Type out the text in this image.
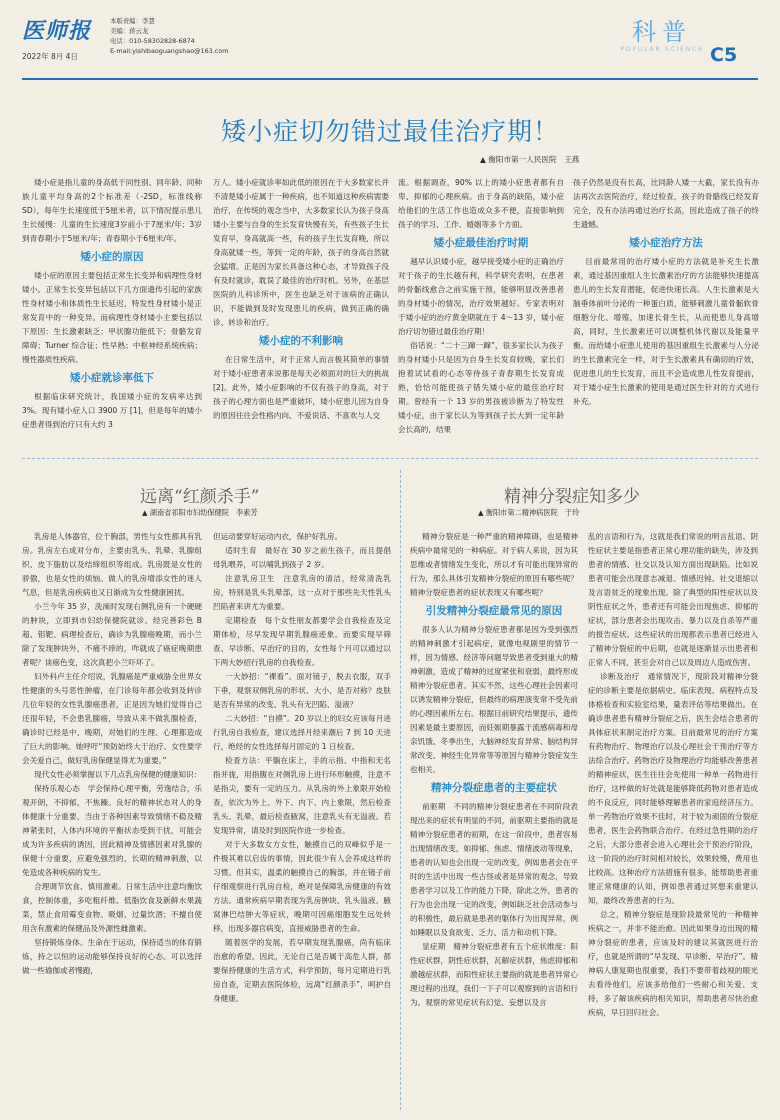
医师报
2022年 8月 4日
本版责编：李慧
美编：蒋云龙
电话：010-58302828-6874
E-mail:yishibaoguangshao@163.com
科普
POPULAR SCIENCE C5
矮小症切勿错过最佳治疗期！
▲ 衡阳市第一人民医院　王燕

矮小症是指儿童的身高低于同性别、同年龄、同种族儿童平均身高的2个标准差（-2SD，标准线称SD），每年生长速度低于5厘米者，以下情况提示患儿生长缓慢：儿童的生长速度3岁前小于7厘米/年；3岁到青春期小于5厘米/年；青春期小于6厘米/年。

矮小症的原因

矮小症的原因主要包括正常生长变异和病理性身材矮小。正常生长变异包括以下几方面遗传引起的家族性身材矮小和体质性生长延迟，特发性身材矮小是正常发育中的一种变异。而病理性身材矮小主要包括以下原因：生长激素缺乏；甲状腺功能低下；骨骼发育障碍；Turner 综合征；性早熟；中枢神经系统疾病；慢性器质性疾病。

矮小症就诊率低下

根据临床研究统计，我国矮小症的发病率达到 3%。现有矮小症人口 3900 万 [1]，但是每年的矮小症患者得到治疗只有大约 3

万人。矮小症就诊率如此低的原因在于大多数家长并不清楚矮小症属于一种疾病，也不知道这种疾病需要治疗，在传统的观念当中，大多数家长认为孩子身高矮小主要与自身的生长发育快慢有关，有些孩子生长发育早，身高就高一些，有的孩子生长发育晚，所以身高就矮一些，等到一定的年龄，孩子的身高自然就会猛增。正是因为家长具备这种心态，才导致孩子没有及时就诊，耽误了最佳的治疗时机。另外，在基层医院的儿科诊所中，医生也缺乏对于该病的正确认识，不能做到及时发现患儿的疾病，做到正确的确诊、转诊和治疗。

矮小症的不利影响

在日常生活中，对于正常人而言极其简单的事情对于矮小症患者来说都是每天必须面对的巨大的挑战 [2]。此外，矮小症影响的不仅有孩子的身高，对于孩子的心理方面也是严重破坏，矮小症患儿因为自身的原因往往会性格内向、不爱说话、不喜欢与人交

流。根据调查，90% 以上的矮小症患者都有自卑、抑郁的心理疾病。由于身高的缺陷，矮小症给他们的生活工作也造成众多不便，直接影响到孩子的学习、工作、婚姻等多个方面。

矮小症最佳治疗时期

越早认识矮小症，越早接受矮小症的正确治疗对于孩子的生长越有利，科学研究表明，在患者的骨骺线愈合之前实施干预，能够明显改善患者的身材矮小的情况，治疗效果越好。专家表明对于矮小症的治疗黄金期就在于 4～13 岁，矮小症治疗切勿错过最佳治疗期！

俗话说：“二十三蹿一蹿”，很多家长认为孩子的身材矮小只是因为自身生长发育较晚，家长们抱着试试看的心态等待孩子青春期生长发育成熟，恰恰可能使孩子错失矮小症的最佳治疗时期。曾经有一个 13 岁的男孩被诊断为了特发性矮小症，由于家长认为等到孩子长大到一定年龄会长高的，结果

孩子仍然是没有长高，比同龄人矮一大截，家长没有办法再次去医院治疗，经过检查，孩子的骨骼线已经发育完全，没有办法再通过治疗长高，因此造成了孩子的终生遗憾。

矮小症治疗方法

目前最常用的治疗矮小症的方法就是补充生长激素，通过基因重组人生长激素治疗的方法能够快速提高患儿的生长发育潜能，促进快速长高。人生长激素是大脑垂体前叶分泌的一种蛋白质，能够刺激儿童骨骺软骨细胞分化、增殖，加速长骨生长，从而使患儿身高增高，同时，生长激素还可以调整机体代谢以及能量平衡。而给矮小症患儿使用的基因重组生长激素与人分泌的生长激素完全一样，对于生长激素具有确切的疗效，促进患儿的生长发育，而且不会造成患儿性发育提前，对于矮小症生长激素的使用是通过医生针对的方式进行补充。

远离“红颜杀手”
▲ 湖南省祁阳市妇幼保健院　李素芳

乳房是人体器官，位于胸部，男性与女性都具有乳房。乳房左右成对分布，主要由乳头、乳晕、乳腺组织、皮下脂肪以及结缔组织等组成。乳房既是女性的骄傲，也是女性的烦恼。做人的乳房增添女性的迷人气息，但是乳房疾病也又日渐成为女性健康困扰。

小兰今年 35 岁，洗澡时发现右侧乳房有一个硬硬的肿块，立即到市妇幼保健院就诊。经完善彩色 B 超、钼靶、病理检查后，确诊为乳腺癌晚期，而小兰除了发现肿块外，不痛不痒的，咋就成了癌症晚期患者呢？谈癌色变，这次真把小兰吓坏了。

妇外科卢主任介绍说，乳腺癌是严重威胁全世界女性健康的头号恶性肿瘤，在门诊每年都会收到及转诊几位年轻的女性乳腺癌患者，正是因为她们觉得自己还很年轻，不会患乳腺癌，导致从来不做乳腺检查，确诊时已经是中、晚期，对她们的生理、心理都造成了巨大的影响。她呼吁“预防始终大于治疗、女性要学会关爱自己，做好乳房保健显得尤为重要。”

现代女性必须掌握以下几点乳房保健的健康知识：

保持乐观心态　学会保持心理平衡，劳逸结合，乐观开朗，不抑郁，不焦躁。良好的精神状态对人的身体健康十分重要，当由于各种因素导致情绪不稳及精神紧张时，人体内环境的平衡状态受到干扰，可能会成为许多疾病的诱因，因此精神及情感因素对乳腺的保健十分重要，应避免强烈的、长期的精神刺激，以免造成各种疾病的发生。

合理调节饮食、慎用激素。日常生活中注意均衡饮食，控制体重，多吃粗纤维、低脂饮食及新鲜水果蔬菜，禁止食用霉变食物、吸烟、过量饮酒；不擅自使用含有激素的保健品及外源性雌激素。

坚持锻炼身体。生命在于运动，保持适当的体育锻炼，持之以恒的运动能够保持良好的心态。可以选择做一些瑜伽或者慢跑，

但运动要穿好运动内衣，保护好乳房。

适时生育　最好在 30 岁之前生孩子，而且提倡母乳喂养，可以哺乳到孩子 2 岁。

注意乳房卫生　注意乳房的清洁，经常清洗乳房，特别是乳头乳晕部，这一点对于那些先天性乳头凹陷者来讲尤为重要。

定期检查　每个女性朋友都要学会自我检查及定期体检，尽早发现早期乳腺癌迹象。而要实现早筛查、早诊断、早治疗的目的，女性每个月可以通过以下两大妙招行乳房的自我检查。

一大妙招：“裸看”。面对镜子，脱去衣服，双手下垂，观察双侧乳房的形状、大小、是否对称？皮肤是否有异常的改变、乳头有无凹陷、溢液？

二大妙招：“自摸”。20 岁以上的妇女应该每月进行乳房自我检查，建议选择月经来潮后 7 到 10 天进行，绝经的女性选择每月固定的 1 日检查。

检查方法：平躺在床上，手的示指、中指和无名指并拢，用指腹在对侧乳房上进行环形触摸，注意不是指尖，要有一定的压力。从乳房的外上象限开始检查，依次为外上、外下、内下、内上象限，然后检查乳头、乳晕，最后检查腋窝，注意乳头有无溢液。若发现异常，请及时到医院作进一步检查。

对于大多数女方女性，触摸自己的双峰似乎是一件极其难以启齿的事情，因此很少有人会养成这样的习惯。但其实，温柔的触摸自己的胸部，并在镜子前仔细观察进行乳房自检，绝对是保障乳房健康的有效方法。通常疾病早期表现为乳房肿块、乳头溢液、腋窝淋巴结肿大等症状，晚期可因癌细胞发生远处转移，出现多器官病变，直接威胁患者的生命。

随着医学的发展，若早期发现乳腺癌，尚有临床治愈的希望。因此，无论自己是否属于高危人群，都要保持健康的生活方式，科学预防，每月定期进行乳房自查，定期去医院体检，远离“红颜杀手”，呵护自身健康。

精神分裂症知多少
▲ 衡阳市第二精神病医院　于玲

精神分裂症是一种严重的精神障碍，也是精神疾病中最常见的一种病症。对于病人来说，因为其思维或者情绪发生变化，所以才有可能出现异常的行为，那么具体引发精神分裂症的原因有哪些呢？精神分裂症患者的症状表现又有哪些呢？

引发精神分裂症最常见的原因

很多人认为精神分裂症患者都是因为受到强烈的精神刺激才引起病症，就像电视剧里的情节一样，因为情感、经济等问题导致患者受到重大的精神刺激，造成了精神的过度紧张和衰弱，最终形成精神分裂症患者。其实不然，这些心理社会因素可以诱发精神分裂症，但最终的病理演变常不受先前的心理因素所左右。根据目前研究结果提示，遗传因素是最主要原因，而妊娠期暴露于流感病毒和母亲饥饿、冬季出生，大脑神经发育异常、脑结构异常改变、神经生化异常等等原因与精神分裂症发生也相关。

精神分裂症患者的主要症状

前驱期　不同的精神分裂症患者在不同阶段表现出来的症状有明显的不同，前驱期主要指的就是精神分裂症患者的初期，在这一阶段中，患者容易出现情绪改变，如抑郁、焦虑、情绪波动等现象，患者的认知也会出现一定的改变，例如患者会在平时的生活中出现一些古怪或者是异常的观念，导致患者学习以及工作的能力下降，除此之外，患者的行为也会出现一定的改变，例如缺乏社会活动参与的积极性，最后就是患者的躯体行为出现异常，例如睡眠以及食欲变、乏力、活力和动机下降。

显症期　精神分裂症患者有五个症状维度：阳性症状群，阴性症状群，瓦解症状群，焦虑抑郁和激越症状群，而阳性症状主要指的就是患者异常心理过程的出现，我们一下子可以观察到的言语和行为。观察的常见症状有幻觉、妄想以及言

乱的言语和行为，这就是我们常说的明言乱语。阴性症状主要是指患者正常心理功能的缺失，涉及到患者的情感、社交以及认知方面出现缺陷。比如说患者可能会出现意志减退、情感迟钝、社交退缩以及言语贫乏的现象出现。除了典型的阳性症状以及阴性症状之外，患者还有可能会出现焦虑、抑郁的症状，部分患者会出现攻击、暴力以及自杀等严重的报告症状。这些症状的出现都表示患者已经进入了精神分裂症的中后期，也就是逐渐显示出患者和正常人不同，甚至会对自己以及周边人造成伤害。

诊断及治疗　通常情况下，现阶段对精神分裂症的诊断主要是依据病史、临床表现、病程特点及体格检查和实验室结果，量表评估等结果做出。在确诊患者患有精神分裂症之后，医生会结合患者的具体症状来制定治疗方案。目前最常见的治疗方案有药物治疗、物理治疗以及心理社会干预治疗等方法综合治疗。药物治疗及物理治疗均能够改善患者的精神症状，医生往往会先使用一种单一药物进行治疗，这样做的好处就是能够降低药物对患者造成的不良反应，同时能够理解患者的家庭经济压力。单一药物治疗效果不佳时，对于较为顽固的分裂症患者，医生会药物联合治疗。在经过急性期的治疗之后，大部分患者会进入心理社会干预治疗阶段，这一阶段的治疗时间相对较长，效果较慢，费用也比较高。这种治疗方法措施有很多，能帮助患者重建正常健康的认知，例如患者通过冥想来重建认知，最终改善患者的行为。

总之，精神分裂症是现阶段最常见的一种精神疾病之一，并非不能治愈。因此如果身边出现的精神分裂症的患者，应该及时的建议其就医进行治疗，也就是所谓的“早发现、早诊断、早治疗”。精神病人康复期也很重要，我们不要带着歧视的眼光去看待他们，应该多给他们一些耐心和关爱、支持，多了解该疾病的相关知识，帮助患者尽快治愈疾病，早日回归社会。
